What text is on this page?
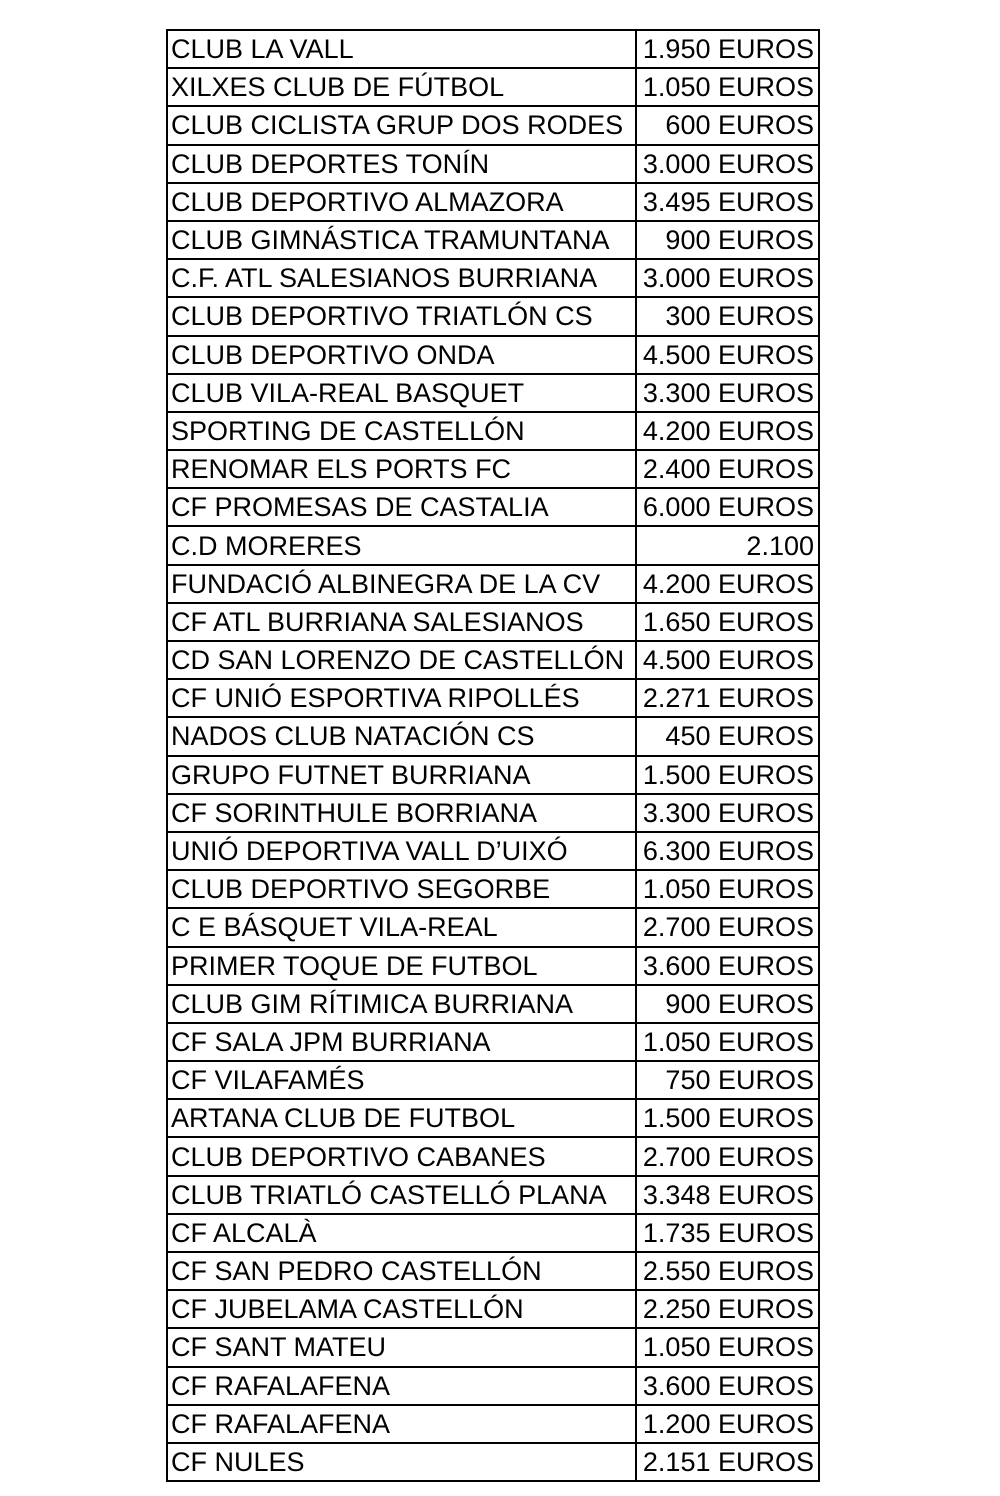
CLUB LA VALL	1.950 EUROS
XILXES CLUB DE FÚTBOL	1.050 EUROS
CLUB CICLISTA GRUP DOS RODES	600 EUROS
CLUB DEPORTES TONÍN	3.000 EUROS
CLUB DEPORTIVO ALMAZORA	3.495 EUROS
CLUB GIMNÁSTICA TRAMUNTANA	900 EUROS
C.F. ATL SALESIANOS BURRIANA	3.000 EUROS
CLUB DEPORTIVO TRIATLÓN CS	300 EUROS
CLUB DEPORTIVO ONDA	4.500 EUROS
CLUB VILA-REAL BASQUET	3.300 EUROS
SPORTING DE CASTELLÓN	4.200 EUROS
RENOMAR ELS PORTS FC	2.400 EUROS
CF PROMESAS DE CASTALIA	6.000 EUROS
C.D MORERES	2.100
FUNDACIÓ ALBINEGRA DE LA CV	4.200 EUROS
CF ATL BURRIANA SALESIANOS	1.650 EUROS
CD SAN LORENZO DE CASTELLÓN	4.500 EUROS
CF UNIÓ ESPORTIVA RIPOLLÉS	2.271 EUROS
NADOS CLUB NATACIÓN CS	450 EUROS
GRUPO FUTNET BURRIANA	1.500 EUROS
CF SORINTHULE BORRIANA	3.300 EUROS
UNIÓ DEPORTIVA VALL D’UIXÓ	6.300 EUROS
CLUB DEPORTIVO SEGORBE	1.050 EUROS
C E BÁSQUET VILA-REAL	2.700 EUROS
PRIMER TOQUE DE FUTBOL	3.600 EUROS
CLUB GIM RÍTIMICA BURRIANA	900 EUROS
CF SALA JPM BURRIANA	1.050 EUROS
CF VILAFAMÉS	750 EUROS
ARTANA CLUB DE FUTBOL	1.500 EUROS
CLUB DEPORTIVO CABANES	2.700 EUROS
CLUB TRIATLÓ CASTELLÓ PLANA	3.348 EUROS
CF ALCALÀ	1.735 EUROS
CF SAN PEDRO CASTELLÓN	2.550 EUROS
CF JUBELAMA CASTELLÓN	2.250 EUROS
CF SANT MATEU	1.050 EUROS
CF RAFALAFENA	3.600 EUROS
CF RAFALAFENA	1.200 EUROS
CF NULES	2.151 EUROS
